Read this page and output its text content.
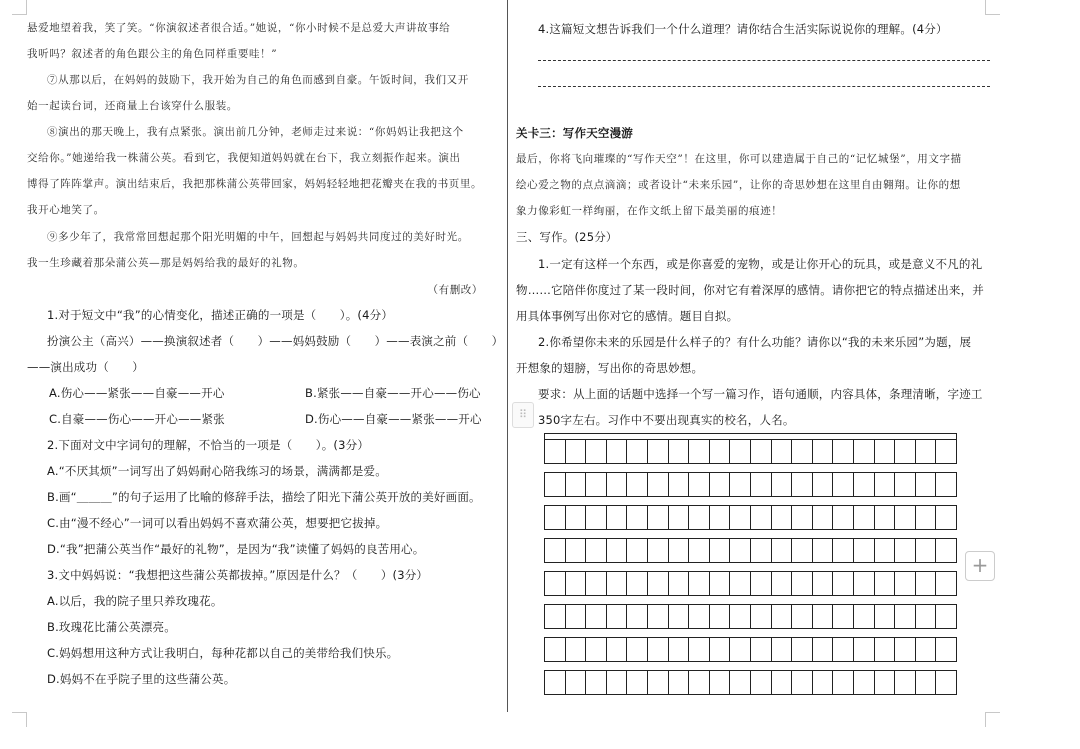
悬爱地望着我，笑了笑。“你演叙述者很合适。”她说，“你小时候不是总爱大声讲故事给
我听吗？叙述者的角色跟公主的角色同样重要哇！”
⑦从那以后，在妈妈的鼓励下，我开始为自己的角色而感到自豪。午饭时间，我们又开
始一起读台词，还商量上台该穿什么服装。
⑧演出的那天晚上，我有点紧张。演出前几分钟，老师走过来说：“你妈妈让我把这个
交给你。”她递给我一株蒲公英。看到它，我便知道妈妈就在台下，我立刻振作起来。演出
博得了阵阵掌声。演出结束后，我把那株蒲公英带回家，妈妈轻轻地把花瓣夹在我的书页里。
我开心地笑了。
⑨多少年了，我常常回想起那个阳光明媚的中午，回想起与妈妈共同度过的美好时光。
我一生珍藏着那朵蒲公英—那是妈妈给我的最好的礼物。
（有删改）
1.对于短文中“我”的心情变化，描述正确的一项是（　　）。(4分）
扮演公主（高兴）——换演叙述者（　　）——妈妈鼓励（　　）——表演之前（　　）
——演出成功（　　）
A.伤心——紧张——自豪——开心	B.紧张——自豪——开心——伤心
C.自豪——伤心——开心——紧张	D.伤心——自豪——紧张——开心
2.下面对文中字词句的理解，不恰当的一项是（　　）。(3分）
A.“不厌其烦”一词写出了妈妈耐心陪我练习的场景，满满都是爱。
B.画“＿＿＿”的句子运用了比喻的修辞手法，描绘了阳光下蒲公英开放的美好画面。
C.由“漫不经心”一词可以看出妈妈不喜欢蒲公英，想要把它拔掉。
D.“我”把蒲公英当作“最好的礼物”，是因为“我”读懂了妈妈的良苦用心。
3.文中妈妈说：“我想把这些蒲公英都拔掉。”原因是什么？（　　）(3分）
A.以后，我的院子里只养玫瑰花。
B.玫瑰花比蒲公英漂亮。
C.妈妈想用这种方式让我明白，每种花都以自己的美带给我们快乐。
D.妈妈不在乎院子里的这些蒲公英。
4.这篇短文想告诉我们一个什么道理？请你结合生活实际说说你的理解。(4分）
关卡三：写作天空漫游
最后，你将飞向璀璨的“写作天空”！在这里，你可以建造属于自己的“记忆城堡”，用文字描
绘心爱之物的点点滴滴；或者设计“未来乐园”，让你的奇思妙想在这里自由翱翔。让你的想
象力像彩虹一样绚丽，在作文纸上留下最美丽的痕迹！
三、写作。(25分）
1.一定有这样一个东西，或是你喜爱的宠物，或是让你开心的玩具，或是意义不凡的礼
物……它陪伴你度过了某一段时间，你对它有着深厚的感情。请你把它的特点描述出来，并
用具体事例写出你对它的感情。题目自拟。
2.你希望你未来的乐园是什么样子的？有什么功能？请你以“我的未来乐园”为题，展
开想象的翅膀，写出你的奇思妙想。
要求：从上面的话题中选择一个写一篇习作，语句通顺，内容具体，条理清晰，字迹工
350字左右。习作中不要出现真实的校名，人名。
⠿
+
